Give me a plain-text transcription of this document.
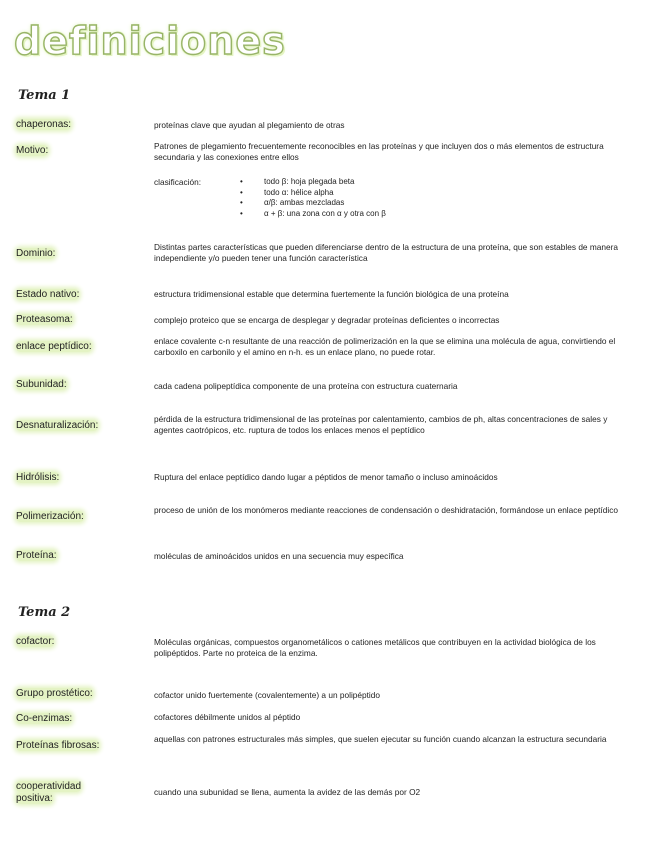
definiciones
Tema 1
chaperonas:	proteínas clave que ayudan al plegamiento de otras
Motivo:	Patrones de plegamiento frecuentemente reconocibles en las proteínas y que incluyen dos o más elementos de estructura secundaria y las conexiones entre ellos
clasificación:
•	todo β: hoja plegada beta
• todo α: hélice alpha
• α/β: ambas mezcladas
• α + β: una zona con α y otra con β
Dominio:
Distintas partes características que pueden diferenciarse dentro de la estructura de una proteína, que son estables de manera independiente y/o pueden tener una función característica
Estado nativo:	estructura tridimensional estable que determina fuertemente la función biológica de una proteína
Proteasoma:	complejo proteico que se encarga de desplegar y degradar proteínas deficientes o incorrectas
enlace peptídico:	enlace covalente c-n resultante de una reacción de polimerización en la que se elimina una molécula de agua, convirtiendo el carboxilo en carbonilo y el amino en n-h. es un enlace plano, no puede rotar.
Subunidad:	cada cadena polipeptídica componente de una proteína con estructura cuaternaria
Desnaturalización:
pérdida de la estructura tridimensional de las proteínas por calentamiento, cambios de ph, altas concentraciones de sales y agentes caotrópicos, etc. ruptura de todos los enlaces menos el peptídico
Hidrólisis:	Ruptura del enlace peptídico dando lugar a péptidos de menor tamaño o incluso aminoácidos
Polimerización:
proceso de unión de los monómeros mediante reacciones de condensación o deshidratación, formándose un enlace peptídico
Proteína:	moléculas de aminoácidos unidos en una secuencia muy específica
Tema 2
cofactor:	Moléculas orgánicas, compuestos organometálicos o cationes metálicos que contribuyen en la actividad biológica de los polipéptidos. Parte no proteica de la enzima.
Grupo prostético:	cofactor unido fuertemente (covalentemente) a un polipéptido
Co-enzimas:	cofactores débilmente unidos al péptido
Proteínas fibrosas:
aquellas con patrones estructurales más simples, que suelen ejecutar su función cuando alcanzan la estructura secundaria
cooperatividad positiva:
cuando una subunidad se llena, aumenta la avidez de las demás por O2
